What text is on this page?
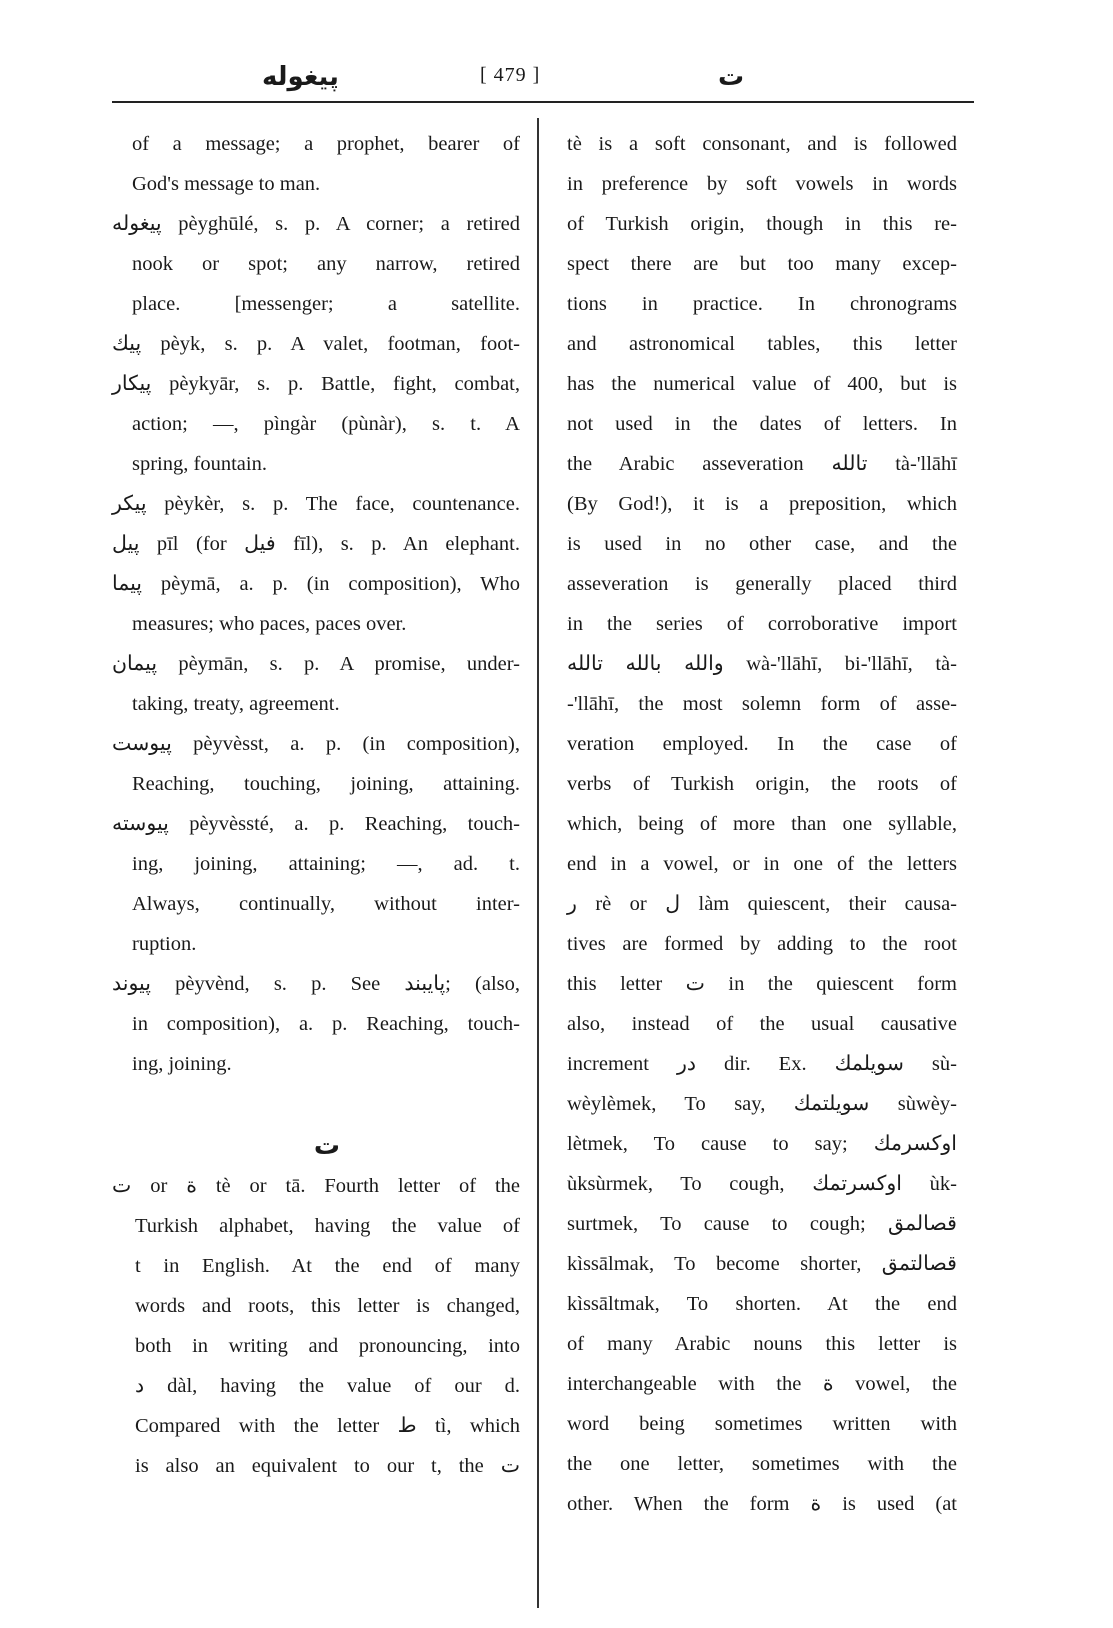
پیغوله	[ 479 ]	ت
of a message; a prophet, bearer of
God's message to man.
پیغوله pèyghūlé, s. p. A corner; a retired
nook or spot; any narrow, retired
place. [messenger; a satellite.
پیك pèyk, s. p. A valet, footman, foot-
پیكار pèykyār, s. p. Battle, fight, combat,
action; —, pìngàr (pùnàr), s. t. A
spring, fountain.
پیكر pèykèr, s. p. The face, countenance.
پیل pīl (for فیل fīl), s. p. An elephant.
پیما pèymā, a. p. (in composition), Who
measures; who paces, paces over.
پیمان pèymān, s. p. A promise, under-
taking, treaty, agreement.
پیوست pèyvèsst, a. p. (in composition),
Reaching, touching, joining, attaining.
پیوسته pèyvèssté, a. p. Reaching, touch-
ing, joining, attaining; —, ad. t.
Always, continually, without inter-
ruption.
پیوند pèyvènd, s. p. See پایبند; (also,
in composition), a. p. Reaching, touch-
ing, joining.
ت
ت or ة tè or tā. Fourth letter of the
Turkish alphabet, having the value of
t in English. At the end of many
words and roots, this letter is changed,
both in writing and pronouncing, into
د dàl, having the value of our d.
Compared with the letter ط tì, which
is also an equivalent to our t, the ت
tè is a soft consonant, and is followed
in preference by soft vowels in words
of Turkish origin, though in this re-
spect there are but too many excep-
tions in practice. In chronograms
and astronomical tables, this letter
has the numerical value of 400, but is
not used in the dates of letters. In
the Arabic asseveration تالله tà-'llāhī
(By God!), it is a preposition, which
is used in no other case, and the
asseveration is generally placed third
in the series of corroborative import
والله بالله تالله wà-'llāhī, bi-'llāhī, tà-
-'llāhī, the most solemn form of asse-
veration employed. In the case of
verbs of Turkish origin, the roots of
which, being of more than one syllable,
end in a vowel, or in one of the letters
ر rè or ل làm quiescent, their causa-
tives are formed by adding to the root
this letter ت in the quiescent form
also, instead of the usual causative
increment در dir. Ex. سویلمك sù-
wèylèmek, To say, سویلتمك sùwèy-
lètmek, To cause to say; اوكسرمك
ùksùrmek, To cough, اوكسرتمك ùk-
surtmek, To cause to cough; قصالمق
kìssālmak, To become shorter, قصالتمق
kìssāltmak, To shorten. At the end
of many Arabic nouns this letter is
interchangeable with the ة vowel, the
word being sometimes written with
the one letter, sometimes with the
other. When the form ة is used (at
